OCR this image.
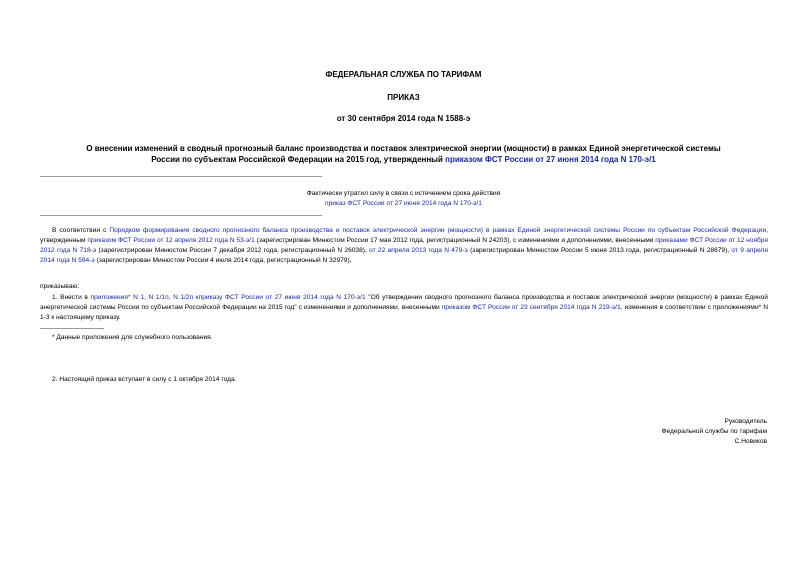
ФЕДЕРАЛЬНАЯ СЛУЖБА ПО ТАРИФАМ
ПРИКАЗ
от 30 сентября 2014 года N 1588-э
О внесении изменений в сводный прогнозный баланс производства и поставок электрической энергии (мощности) в рамках Единой энергетической системы
России по субъектам Российской Федерации на 2015 год, утвержденный приказом ФСТ России от 27 июня 2014 года N 170-э/1
Фактически утратил силу в связи с истечением срока действия
приказ ФСТ России от 27 июня 2014 года N 170-э/1
В соответствии с Порядком формирования сводного прогнозного баланса производства и поставок электрической энергии (мощности) в рамках Единой энергетической системы России по субъектам Российской Федерации, утвержденным приказом ФСТ России от 12 апреля 2012 года N 53-э/1 (зарегистрирован Минюстом России 17 мая 2012 года, регистрационный N 24203), с изменениями и дополнениями, внесенными приказами ФСТ России от 12 ноября 2012 года N 718-э (зарегистрирован Минюстом России 7 декабря 2012 года, регистрационный N 26038), от 22 апреля 2013 года N 479-э (зарегистрирован Минюстом России 5 июня 2013 года, регистрационный N 28679), от 9 апреля 2014 года N 594-э (зарегистрирован Минюстом России 4 июля 2014 года, регистрационный N 32979),
приказываю:
1. Внести в приложения* N 1, N 1/1п, N 1/2п кприказу ФСТ России от 27 июня 2014 года N 170-э/1 "Об утверждении сводного прогнозного баланса производства и поставок электрической энергии (мощности) в рамках Единой энергетической системы России по субъектам Российской Федерации на 2015 год" с изменениями и дополнениями, внесенными приказом ФСТ России от 23 сентября 2014 года N 219-э/1, изменения в соответствии с приложениями* N 1-3 к настоящему приказу.
* Данные приложения для служебного пользования.
2. Настоящий приказ вступает в силу с 1 октября 2014 года.
Руководитель
Федеральной службы по тарифам
С.Новиков
